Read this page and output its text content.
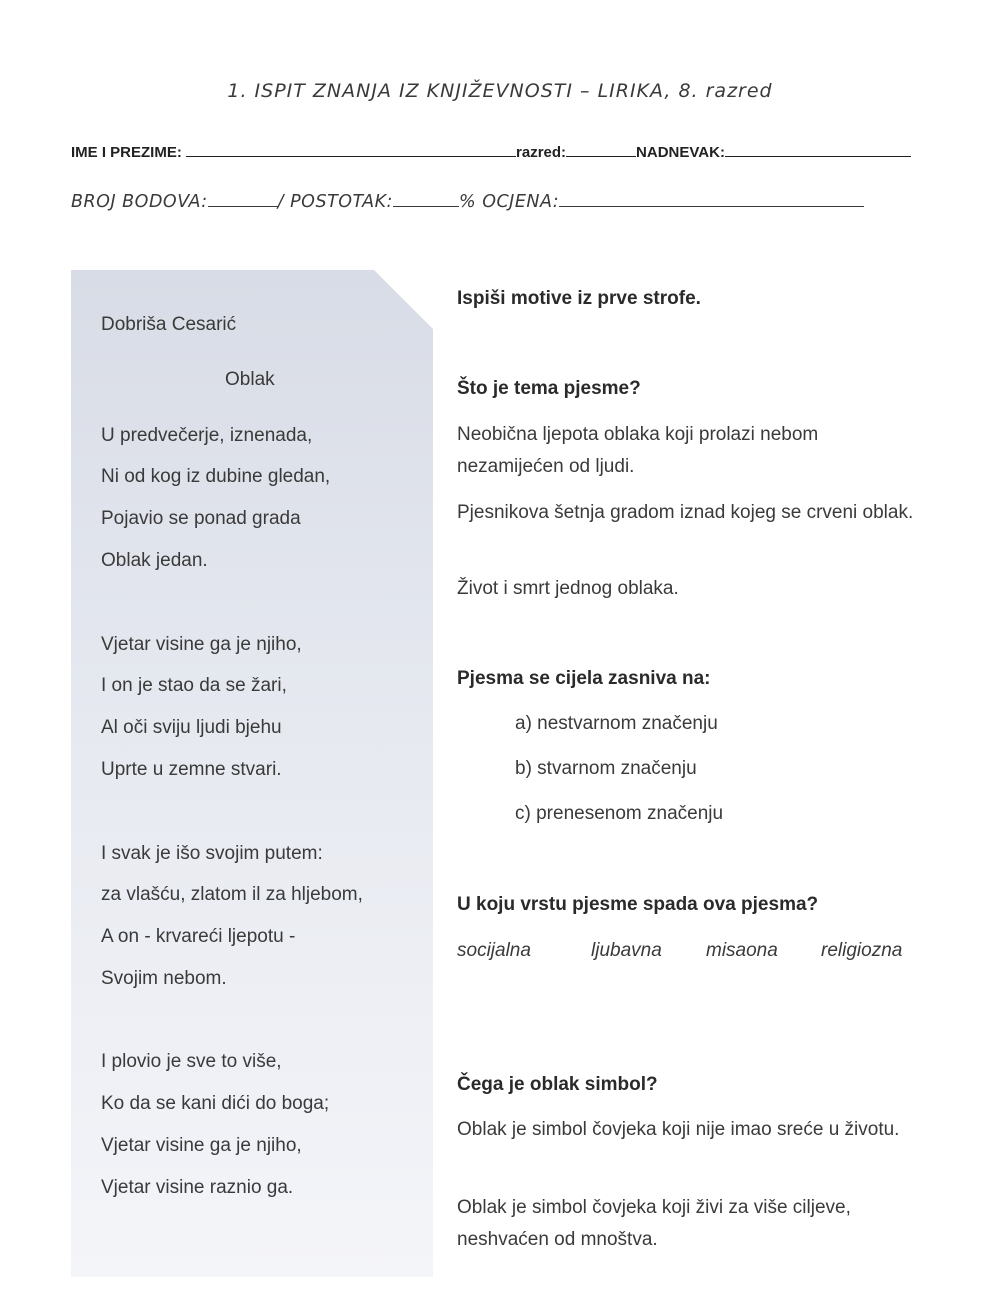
1. ISPIT ZNANJA IZ KNJIŽEVNOSTI – LIRIKA, 8. razred
IME I PREZIME:	razred:	NADNEVAK:
BROJ BODOVA:	/ POSTOTAK:	% OCJENA:
Dobriša Cesarić
Oblak
U predvečerje, iznenada,
Ni od kog iz dubine gledan,
Pojavio se ponad grada
Oblak jedan.
Vjetar visine ga je njiho,
I on je stao da se žari,
Al oči sviju ljudi bjehu
Uprte u zemne stvari.
I svak je išo svojim putem:
za vlašću, zlatom il za hljebom,
A on - krvareći ljepotu -
Svojim nebom.
I plovio je sve to više,
Ko da se kani dići do boga;
Vjetar visine ga je njiho,
Vjetar visine raznio ga.
Ispiši motive iz prve strofe.
Što je tema pjesme?
Neobična ljepota oblaka koji prolazi nebom nezamijećen od ljudi.
Pjesnikova šetnja gradom iznad kojeg se crveni oblak.
Život i smrt jednog oblaka.
Pjesma se cijela zasniva na:
a) nestvarnom značenju
b) stvarnom značenju
c) prenesenom značenju
U koju vrstu pjesme spada ova pjesma?
socijalna	ljubavna misaona religiozna
Čega je oblak simbol?
Oblak je simbol čovjeka koji nije imao sreće u životu.
Oblak je simbol čovjeka koji živi za više ciljeve, neshvaćen od mnoštva.
